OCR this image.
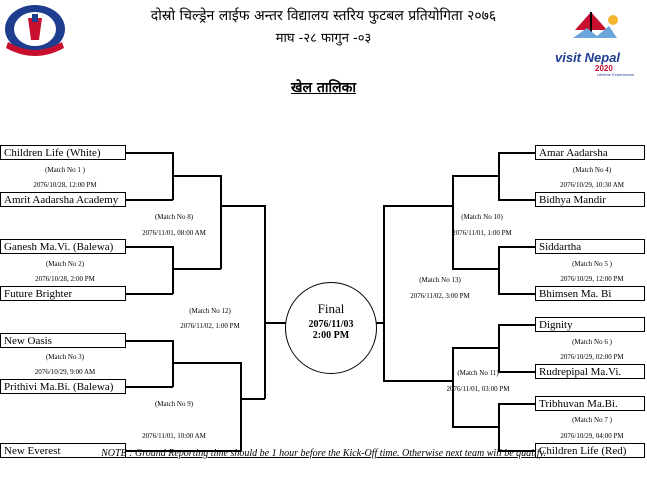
दोस्रो चिल्ड्रेन लाईफ अन्तर विद्यालय स्तरिय फुटबल प्रतियोगिता २०७६
माघ -२८ फागुन -०३
खेल तालिका
visit Nepal
2020
Lifetime Experiences
Children Life (White)
Amrit Aadarsha Academy
Ganesh Ma.Vi. (Balewa)
Future Brighter
New Oasis
Prithivi Ma.Bi. (Balewa)
New Everest
Amar Aadarsha
Bidhya Mandir
Siddartha
Bhimsen Ma. Bi
Dignity
Rudrepipal Ma.Vi.
Tribhuvan Ma.Bi.
Children Life (Red)
(Match No 1 )
2076/10/28, 12:00 PM
(Match No 2)
2076/10/28, 2:00 PM
(Match No 3)
2076/10/29, 9:00 AM
(Match No 8)
2076/11/01, 08:00 AM
(Match No 9)
2076/11/01, 10:00 AM
(Match No 12)
2076/11/02, 1:00 PM
(Match No 4)
2076/10/29, 10:30 AM
(Match No 5 )
2076/10/29, 12:00 PM
(Match No 6 )
2076/10/29, 02:00 PM
(Match No 7 )
2076/10/29, 04:00 PM
(Match No 10)
2076/11/01, 1:00 PM
(Match No 11)
2076/11/01, 03:00 PM
(Match No 13)
2076/11/02, 3:00 PM
Final
2076/11/03
2:00 PM
NOTE : Ground Reporting time should be 1 hour before the Kick-Off time. Otherwise next team will be qualify.
